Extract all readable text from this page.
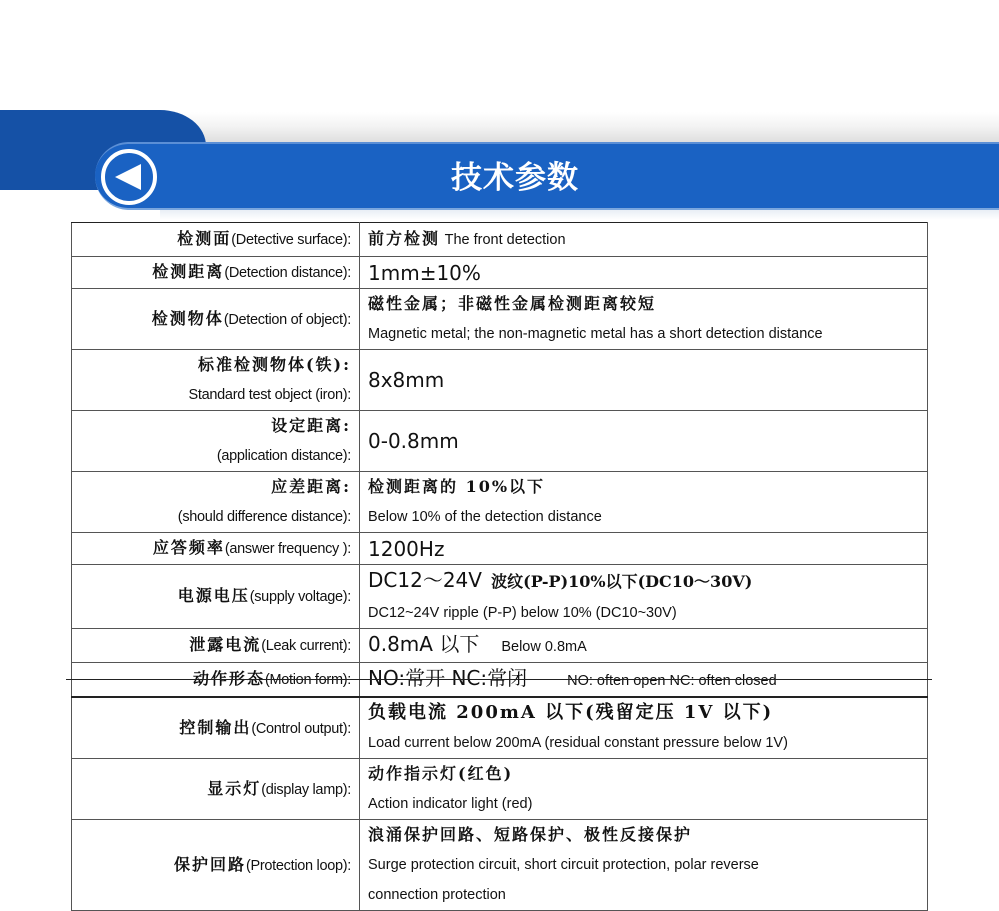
技术参数
检测面(Detective surface):	前方检测 The front detection

检测距离(Detection distance):	1mm±10%

检测物体(Detection of object):	磁性金属；非磁性金属检测距离较短
Magnetic metal; the non-magnetic metal has a short detection distance

标准检测物体(铁):
Standard test object (iron):	8x8mm

设定距离:
(application distance):	0-0.8mm

应差距离:
(should difference distance):	检测距离的 10%以下
Below 10% of the detection distance

应答频率(answer frequency ):	1200Hz

电源电压(supply voltage):	DC12～24V 波纹(P-P)10%以下(DC10～30V)
DC12~24V ripple (P-P) below 10% (DC10~30V)

泄露电流(Leak current):	0.8mA 以下 Below 0.8mA

动作形态(Motion form):	NO:常开 NC:常闭 NO: often open NC: often closed

控制输出(Control output):	负载电流 200mA 以下(残留定压 1V 以下)
Load current below 200mA (residual constant pressure below 1V)

显示灯(display lamp):	动作指示灯(红色)
Action indicator light (red)

保护回路(Protection loop):	浪涌保护回路、短路保护、极性反接保护
Surge protection circuit, short circuit protection, polar reverse
connection protection
